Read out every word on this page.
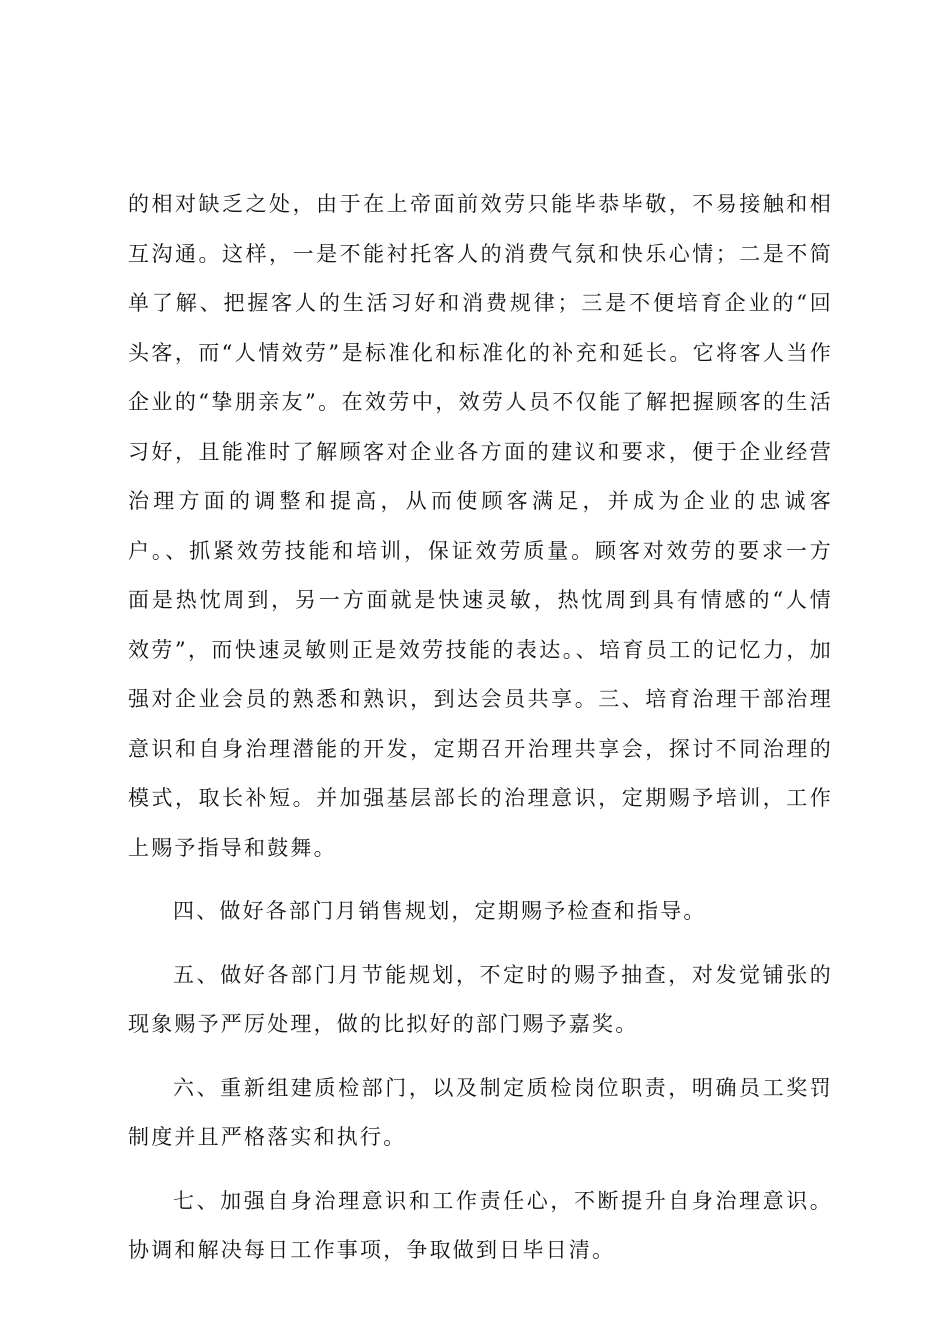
的相对缺乏之处，由于在上帝面前效劳只能毕恭毕敬，不易接触和相互沟通。这样，一是不能衬托客人的消费气氛和快乐心情；二是不简单了解、把握客人的生活习好和消费规律；三是不便培育企业的“回头客，而“人情效劳”是标准化和标准化的补充和延长。它将客人当作企业的“挚朋亲友”。在效劳中，效劳人员不仅能了解把握顾客的生活习好，且能准时了解顾客对企业各方面的建议和要求，便于企业经营治理方面的调整和提高，从而使顾客满足，并成为企业的忠诚客户。、抓紧效劳技能和培训，保证效劳质量。顾客对效劳的要求一方面是热忱周到，另一方面就是快速灵敏，热忱周到具有情感的“人情效劳”，而快速灵敏则正是效劳技能的表达。、培育员工的记忆力，加强对企业会员的熟悉和熟识，到达会员共享。三、培育治理干部治理意识和自身治理潜能的开发，定期召开治理共享会，探讨不同治理的模式，取长补短。并加强基层部长的治理意识，定期赐予培训，工作上赐予指导和鼓舞。

四、做好各部门月销售规划，定期赐予检查和指导。

五、做好各部门月节能规划，不定时的赐予抽查，对发觉铺张的现象赐予严厉处理，做的比拟好的部门赐予嘉奖。

六、重新组建质检部门，以及制定质检岗位职责，明确员工奖罚制度并且严格落实和执行。

七、加强自身治理意识和工作责任心，不断提升自身治理意识。协调和解决每日工作事项，争取做到日毕日清。
